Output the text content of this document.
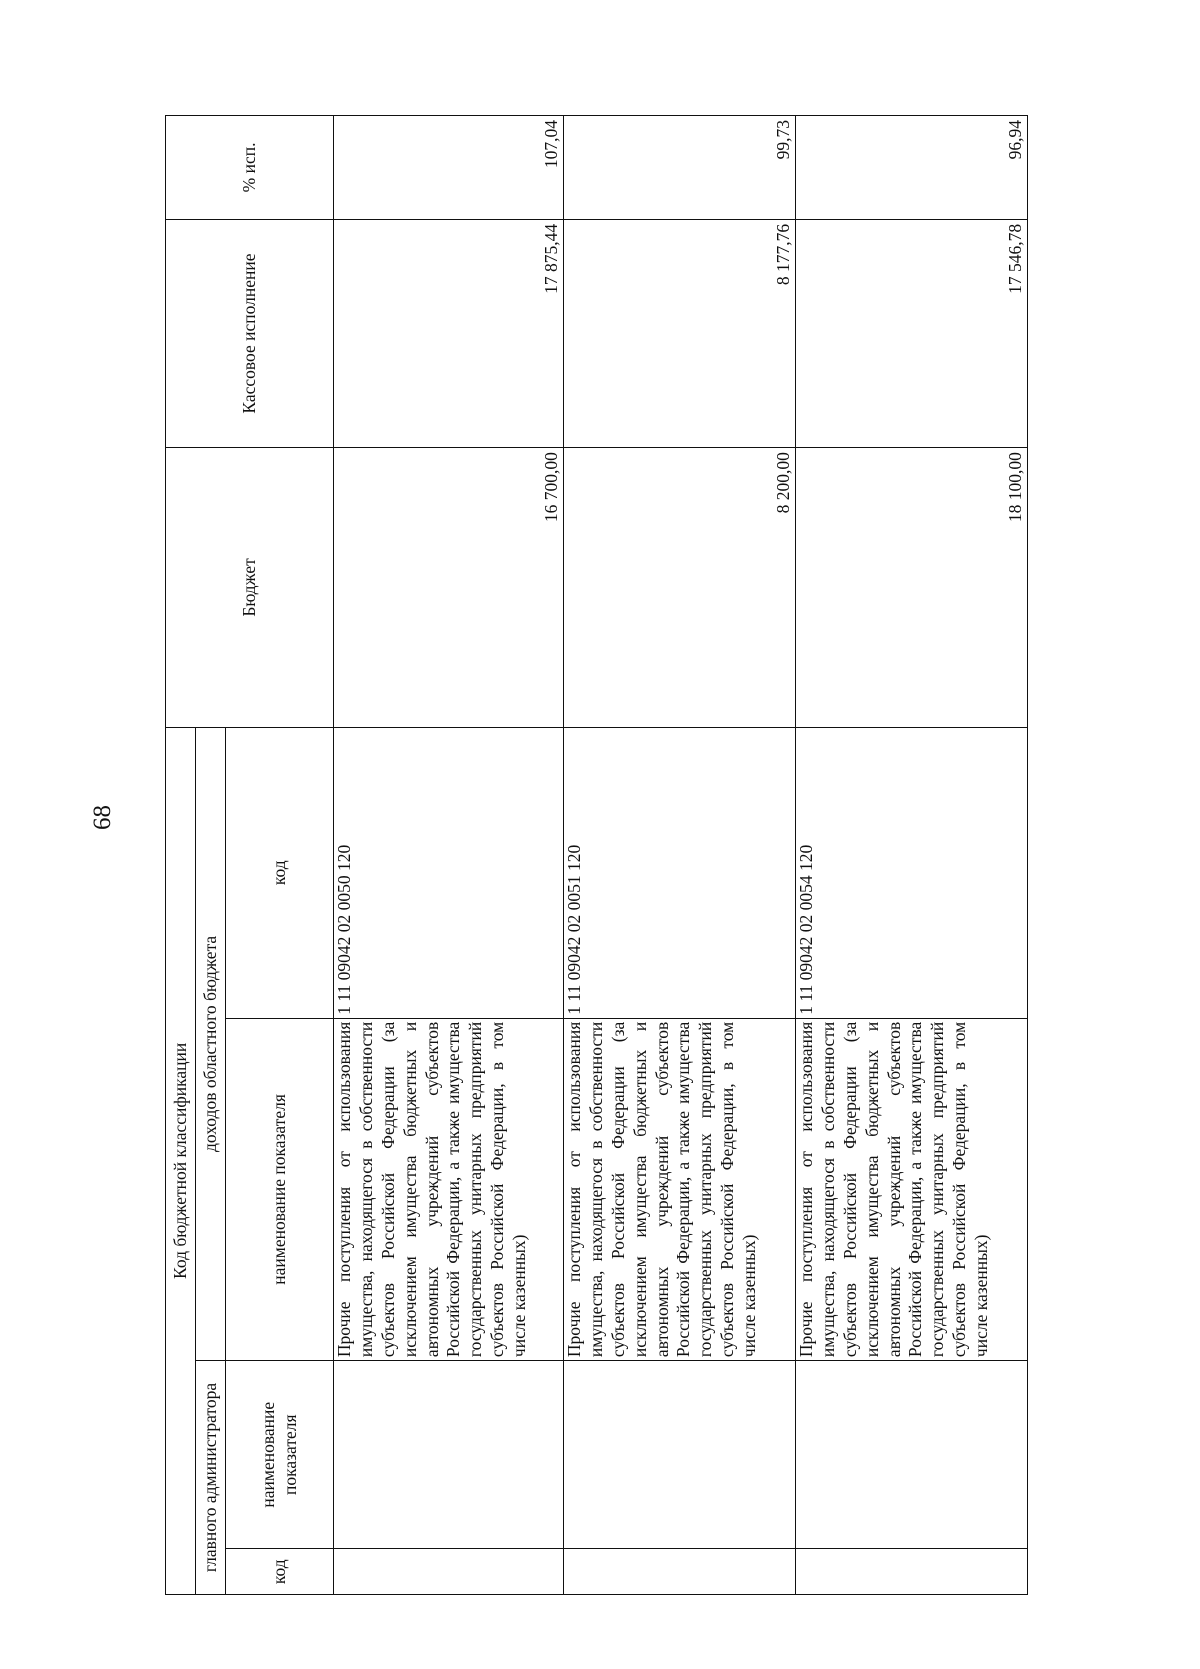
68
Код бюджетной классификации				Бюджет	Кассовое исполнение	% исп.
главного администратора		доходов областного бюджета				
код	наименование показателя	наименование показателя	код			
		Прочие поступления от использования имущества, находящегося в собственности субъектов Российской Федерации (за исключением имущества бюджетных и автономных учреждений субъектов Российской Федерации, а также имущества государственных унитарных предприятий субъектов Российской Федерации, в том числе казенных)	1 11 09042 02 0050 120	16 700,00	17 875,44	107,04
		Прочие поступления от использования имущества, находящегося в собственности субъектов Российской Федерации (за исключением имущества бюджетных и автономных учреждений субъектов Российской Федерации, а также имущества государственных унитарных предприятий субъектов Российской Федерации, в том числе казенных)	1 11 09042 02 0051 120	8 200,00	8 177,76	99,73
		Прочие поступления от использования имущества, находящегося в собственности субъектов Российской Федерации (за исключением имущества бюджетных и автономных учреждений субъектов Российской Федерации, а также имущества государственных унитарных предприятий субъектов Российской Федерации, в том числе казенных)	1 11 09042 02 0054 120	18 100,00	17 546,78	96,94
